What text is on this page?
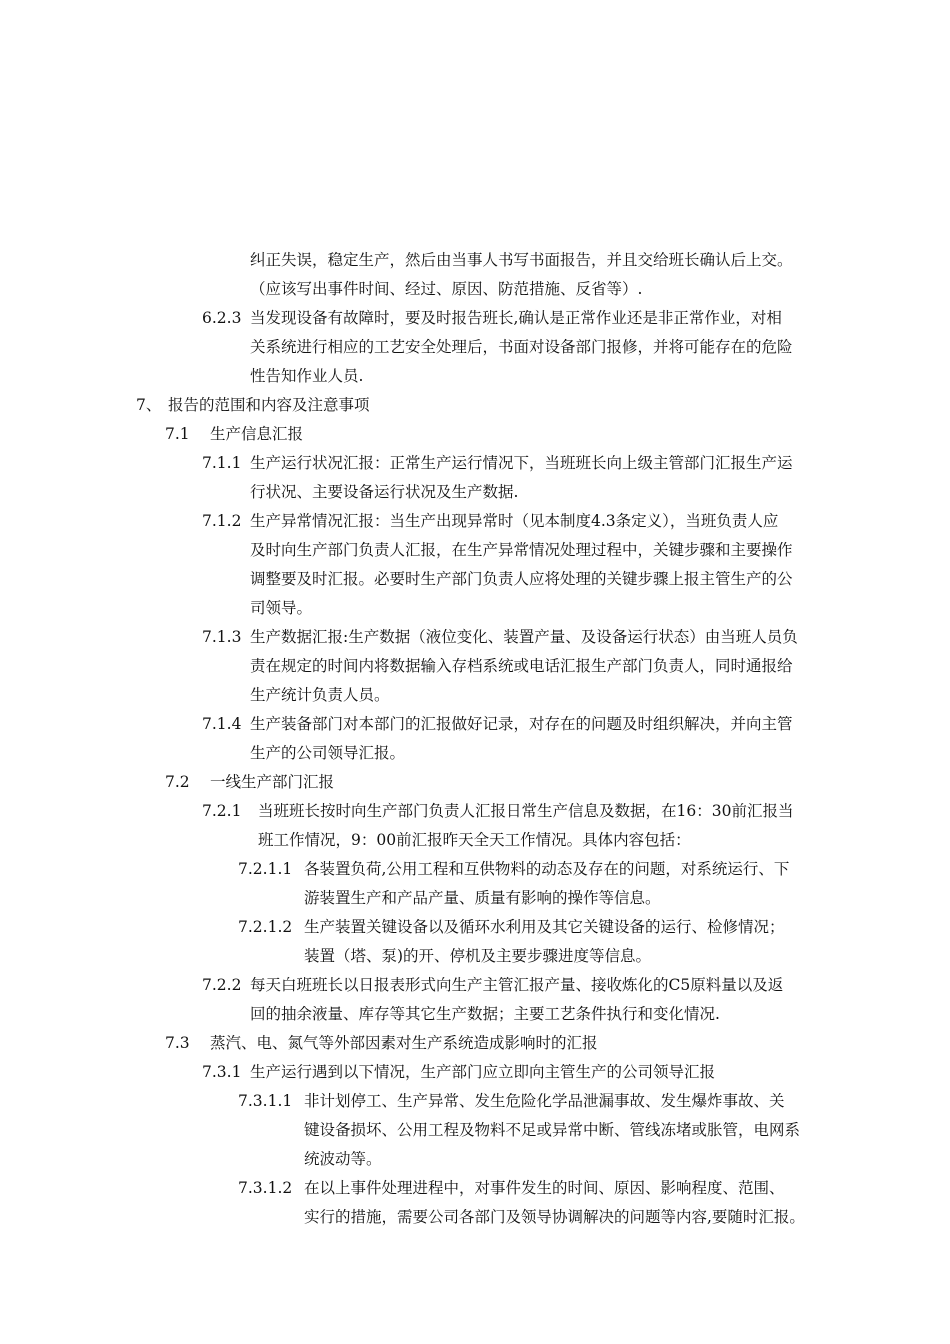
纠正失误，稳定生产，然后由当事人书写书面报告，并且交给班长确认后上交。
（应该写出事件时间、经过、原因、防范措施、反省等）.
6.2.3 当发现设备有故障时，要及时报告班长,确认是正常作业还是非正常作业，对相
关系统进行相应的工艺安全处理后，书面对设备部门报修，并将可能存在的危险
性告知作业人员.
7、 报告的范围和内容及注意事项
7.1 生产信息汇报
7.1.1 生产运行状况汇报：正常生产运行情况下，当班班长向上级主管部门汇报生产运
行状况、主要设备运行状况及生产数据.
7.1.2 生产异常情况汇报：当生产出现异常时（见本制度4.3条定义），当班负责人应
及时向生产部门负责人汇报，在生产异常情况处理过程中，关键步骤和主要操作
调整要及时汇报。必要时生产部门负责人应将处理的关键步骤上报主管生产的公
司领导。
7.1.3 生产数据汇报:生产数据（液位变化、装置产量、及设备运行状态）由当班人员负
责在规定的时间内将数据输入存档系统或电话汇报生产部门负责人，同时通报给
生产统计负责人员。
7.1.4 生产装备部门对本部门的汇报做好记录，对存在的问题及时组织解决，并向主管
生产的公司领导汇报。
7.2 一线生产部门汇报
7.2.1 当班班长按时向生产部门负责人汇报日常生产信息及数据，在16：30前汇报当
班工作情况，9：00前汇报昨天全天工作情况。具体内容包括：
7.2.1.1 各装置负荷,公用工程和互供物料的动态及存在的问题，对系统运行、下
游装置生产和产品产量、质量有影响的操作等信息。
7.2.1.2 生产装置关键设备以及循环水利用及其它关键设备的运行、检修情况；
装置（塔、泵)的开、停机及主要步骤进度等信息。
7.2.2 每天白班班长以日报表形式向生产主管汇报产量、接收炼化的C5原料量以及返
回的抽余液量、库存等其它生产数据；主要工艺条件执行和变化情况.
7.3 蒸汽、电、氮气等外部因素对生产系统造成影响时的汇报
7.3.1 生产运行遇到以下情况，生产部门应立即向主管生产的公司领导汇报
7.3.1.1 非计划停工、生产异常、发生危险化学品泄漏事故、发生爆炸事故、关
键设备损坏、公用工程及物料不足或异常中断、管线冻堵或胀管，电网系
统波动等。
7.3.1.2 在以上事件处理进程中，对事件发生的时间、原因、影响程度、范围、
实行的措施，需要公司各部门及领导协调解决的问题等内容,要随时汇报。
